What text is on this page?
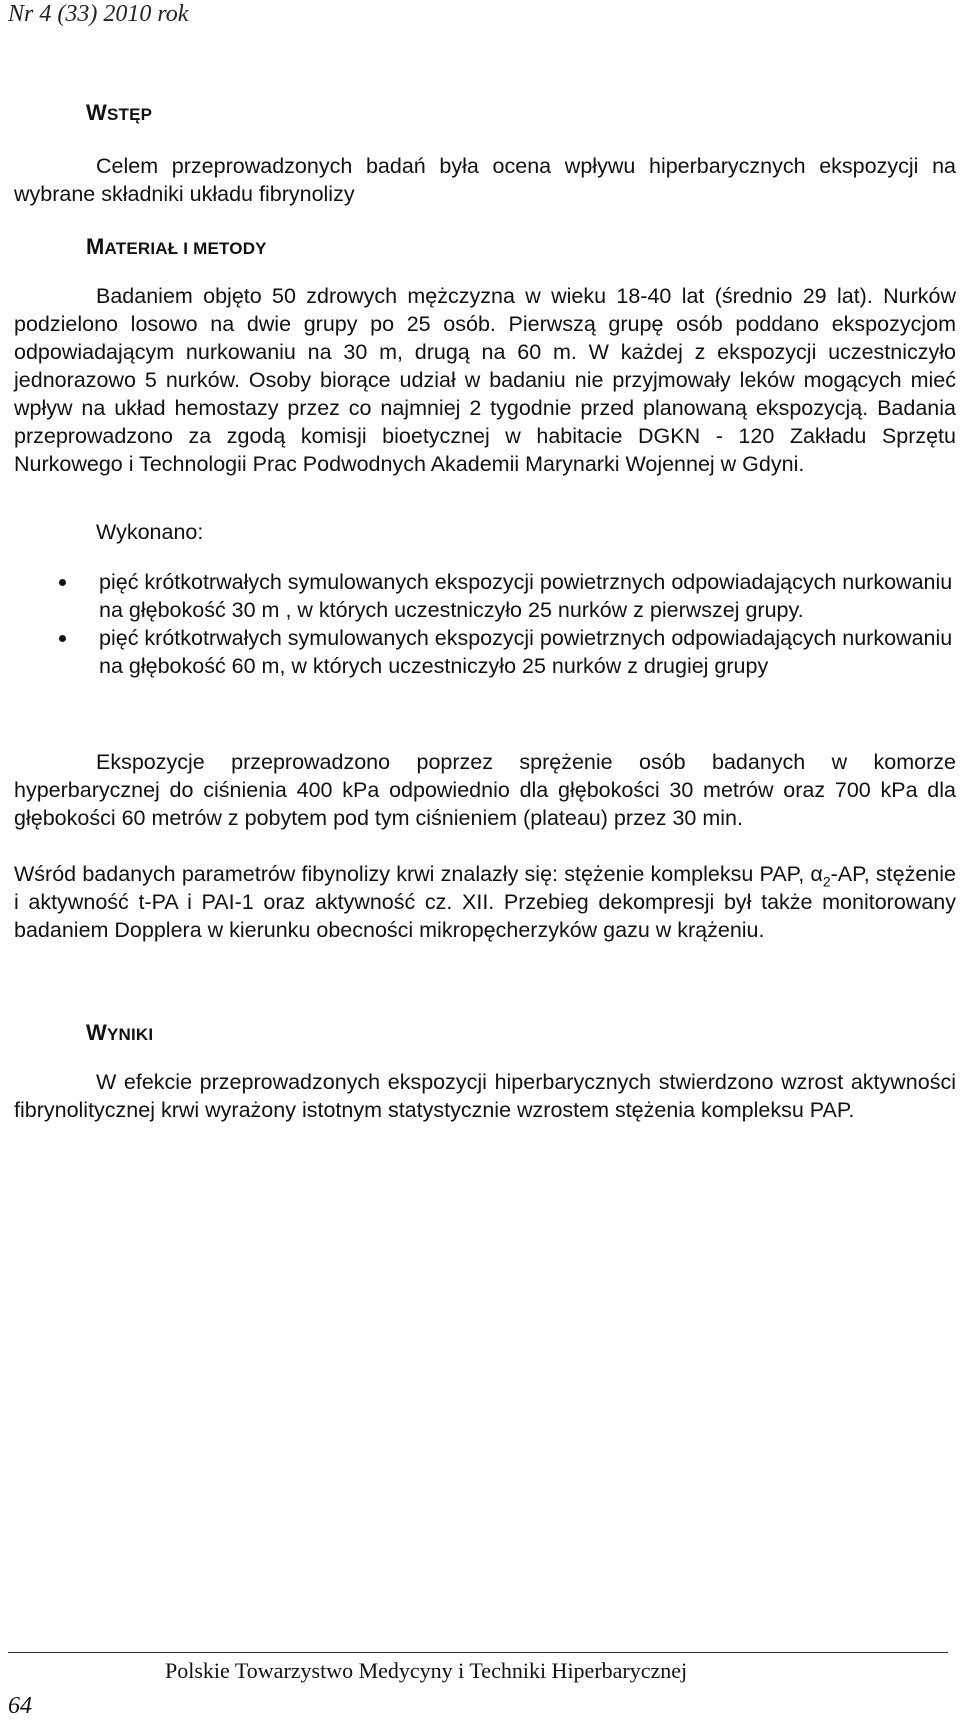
Nr 4 (33) 2010 rok
WSTĘP

Celem przeprowadzonych badań była ocena wpływu hiperbarycznych ekspozycji na wybrane składniki układu fibrynolizy

MATERIAŁ I METODY

Badaniem objęto 50 zdrowych mężczyzna w wieku 18-40 lat (średnio 29 lat). Nurków podzielono losowo na dwie grupy po 25 osób. Pierwszą grupę osób poddano ekspozycjom odpowiadającym nurkowaniu na 30 m, drugą na 60 m. W każdej z ekspozycji uczestniczyło jednorazowo 5 nurków. Osoby biorące udział w badaniu nie przyjmowały leków mogących mieć wpływ na układ hemostazy przez co najmniej 2 tygodnie przed planowaną ekspozycją. Badania przeprowadzono za zgodą komisji bioetycznej w habitacie DGKN - 120 Zakładu Sprzętu Nurkowego i Technologii Prac Podwodnych Akademii Marynarki Wojennej w Gdyni.

Wykonano:
pięć krótkotrwałych symulowanych ekspozycji powietrznych odpowiadających nurkowaniu na głębokość 30 m , w których uczestniczyło 25 nurków z pierwszej grupy.
pięć krótkotrwałych symulowanych ekspozycji powietrznych odpowiadających nurkowaniu na głębokość 60 m, w których uczestniczyło 25 nurków z drugiej grupy

Ekspozycje przeprowadzono poprzez sprężenie osób badanych w komorze hyperbarycznej do ciśnienia 400 kPa odpowiednio dla głębokości 30 metrów oraz 700 kPa dla głębokości 60 metrów z pobytem pod tym ciśnieniem (plateau) przez 30 min.

Wśród badanych parametrów fibynolizy krwi znalazły się: stężenie kompleksu PAP, $\alpha_2-AP$, stężenie i aktywność t-PA i PAI-1 oraz aktywność cz. XII. Przebieg dekompresji był także monitorowany badaniem Dopplera w kierunku obecności mikropęcherzyków gazu w krążeniu.

WYNIKI

W efekcie przeprowadzonych ekspozycji hiperbarycznych stwierdzono wzrost aktywności fibrynolitycznej krwi wyrażony istotnym statystycznie wzrostem stężenia kompleksu PAP.

Polskie Towarzystwo Medycyny i Techniki Hiperbarycznej
64
